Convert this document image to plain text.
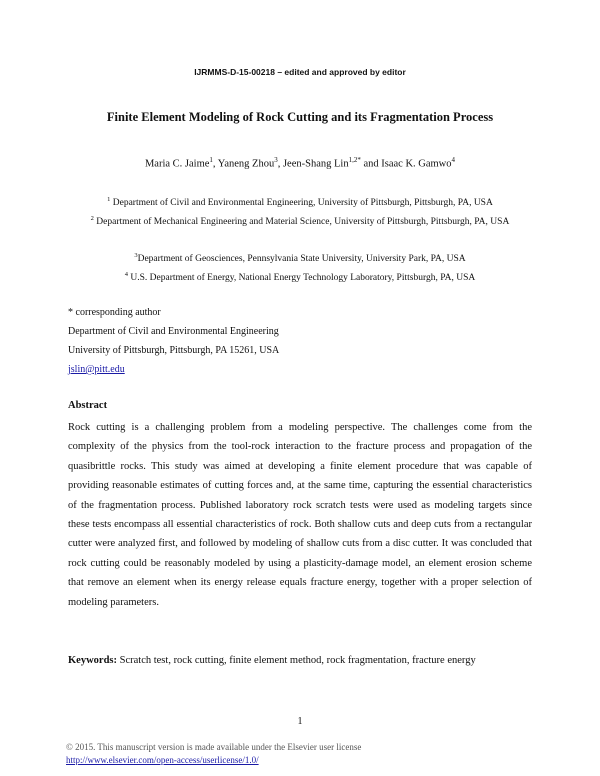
IJRMMS-D-15-00218 – edited and approved by editor
Finite Element Modeling of Rock Cutting and its Fragmentation Process
Maria C. Jaime$^1$, Yaneng Zhou$^3$, Jeen-Shang Lin$^{1,2*}$ and Isaac K. Gamwo$^4$
$^1$ Department of Civil and Environmental Engineering, University of Pittsburgh, Pittsburgh, PA, USA
$^2$ Department of Mechanical Engineering and Material Science, University of Pittsburgh, Pittsburgh, PA, USA
$^3$Department of Geosciences, Pennsylvania State University, University Park, PA, USA
$^4$ U.S. Department of Energy, National Energy Technology Laboratory, Pittsburgh, PA, USA
* corresponding author
Department of Civil and Environmental Engineering
University of Pittsburgh, Pittsburgh, PA 15261, USA
jslin@pitt.edu
Abstract
Rock cutting is a challenging problem from a modeling perspective. The challenges come from the complexity of the physics from the tool-rock interaction to the fracture process and propagation of the quasibrittle rocks. This study was aimed at developing a finite element procedure that was capable of providing reasonable estimates of cutting forces and, at the same time, capturing the essential characteristics of the fragmentation process. Published laboratory rock scratch tests were used as modeling targets since these tests encompass all essential characteristics of rock. Both shallow cuts and deep cuts from a rectangular cutter were analyzed first, and followed by modeling of shallow cuts from a disc cutter. It was concluded that rock cutting could be reasonably modeled by using a plasticity-damage model, an element erosion scheme that remove an element when its energy release equals fracture energy, together with a proper selection of modeling parameters.
Keywords: Scratch test, rock cutting, finite element method, rock fragmentation, fracture energy
1
© 2015. This manuscript version is made available under the Elsevier user license
http://www.elsevier.com/open-access/userlicense/1.0/
